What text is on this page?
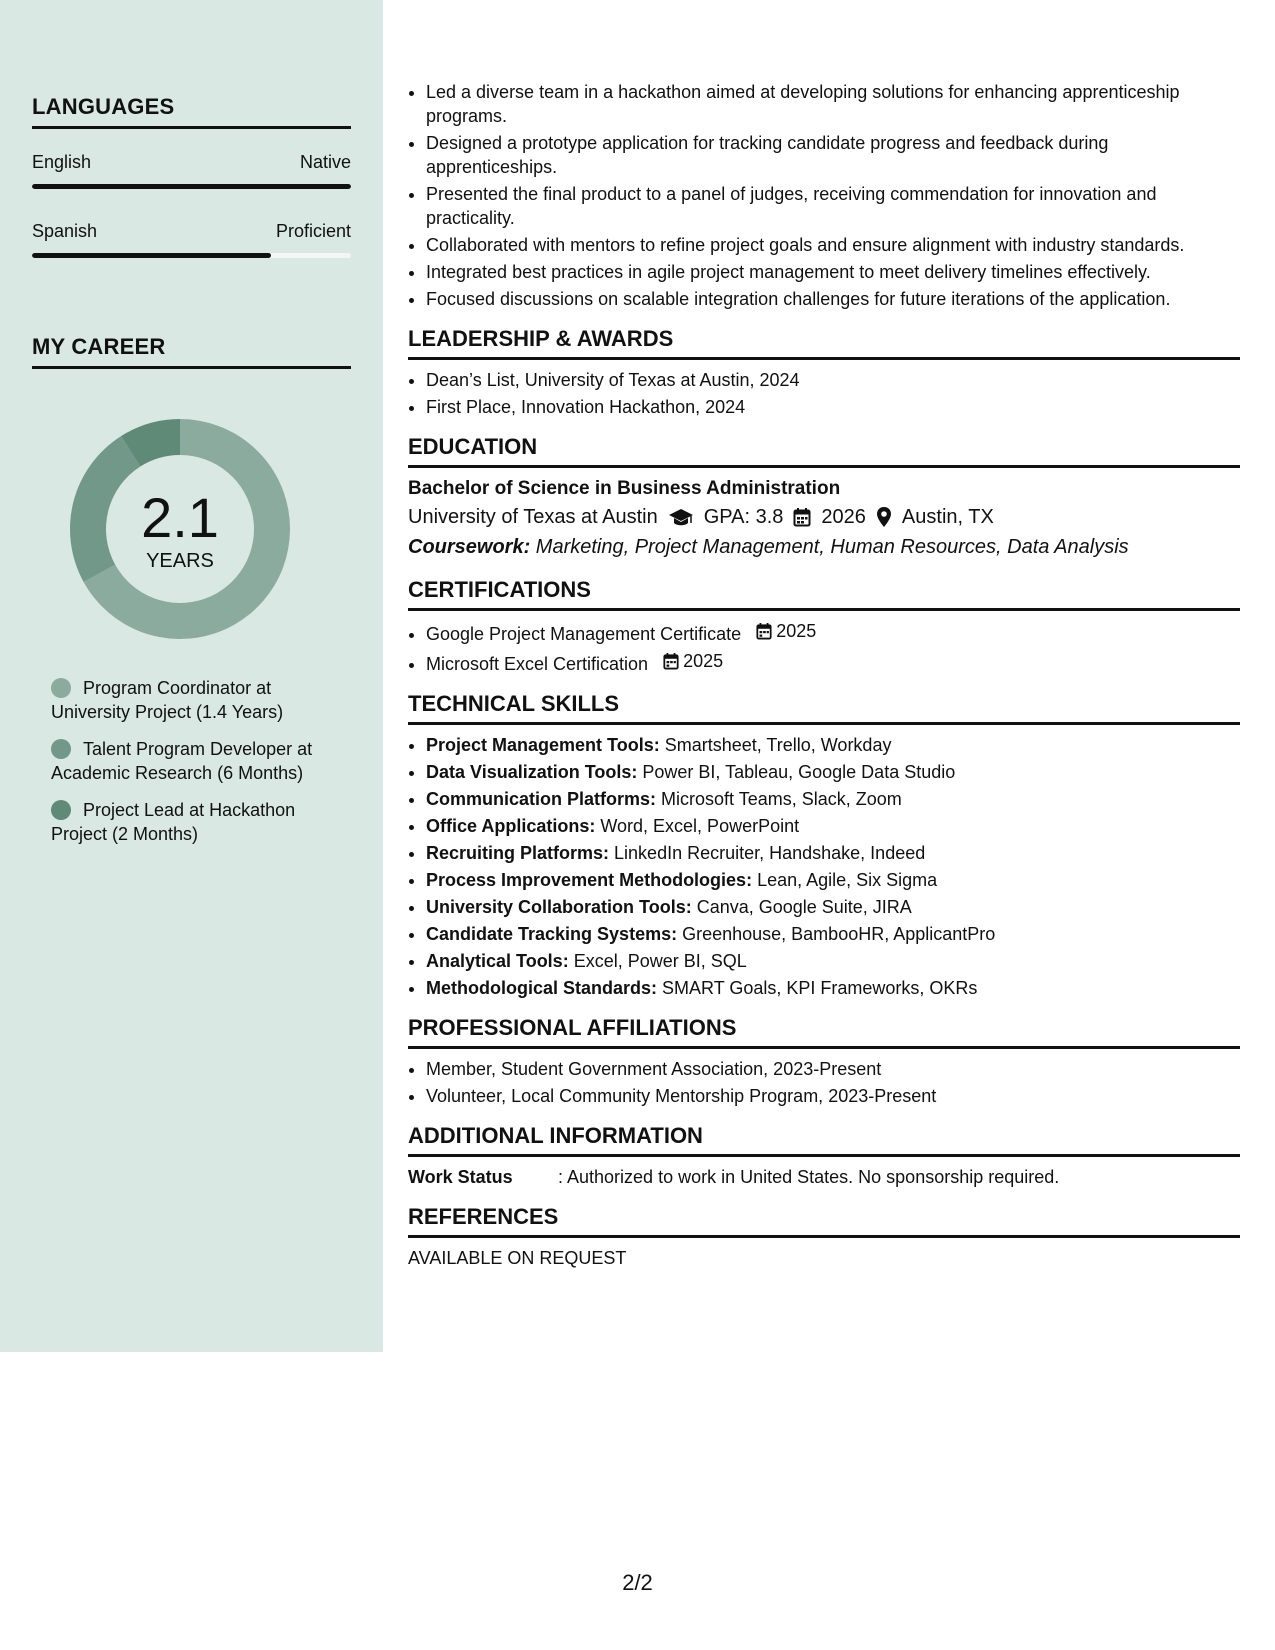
LANGUAGES
English	Native
Spanish	Proficient
MY CAREER
2.1
YEARS
Program Coordinator at University Project (1.4 Years)
Talent Program Developer at Academic Research (6 Months)
Project Lead at Hackathon Project (2 Months)
• Led a diverse team in a hackathon aimed at developing solutions for enhancing apprenticeship programs.
• Designed a prototype application for tracking candidate progress and feedback during apprenticeships.
• Presented the final product to a panel of judges, receiving commendation for innovation and practicality.
• Collaborated with mentors to refine project goals and ensure alignment with industry standards.
• Integrated best practices in agile project management to meet delivery timelines effectively.
• Focused discussions on scalable integration challenges for future iterations of the application.
LEADERSHIP & AWARDS
• Dean’s List, University of Texas at Austin, 2024
• First Place, Innovation Hackathon, 2024
EDUCATION
Bachelor of Science in Business Administration
University of Texas at Austin GPA: 3.8 2026 Austin, TX
Coursework: Marketing, Project Management, Human Resources, Data Analysis
CERTIFICATIONS
• Google Project Management Certificate 2025
• Microsoft Excel Certification 2025
TECHNICAL SKILLS
• Project Management Tools: Smartsheet, Trello, Workday
• Data Visualization Tools: Power BI, Tableau, Google Data Studio
• Communication Platforms: Microsoft Teams, Slack, Zoom
• Office Applications: Word, Excel, PowerPoint
• Recruiting Platforms: LinkedIn Recruiter, Handshake, Indeed
• Process Improvement Methodologies: Lean, Agile, Six Sigma
• University Collaboration Tools: Canva, Google Suite, JIRA
• Candidate Tracking Systems: Greenhouse, BambooHR, ApplicantPro
• Analytical Tools: Excel, Power BI, SQL
• Methodological Standards: SMART Goals, KPI Frameworks, OKRs
PROFESSIONAL AFFILIATIONS
• Member, Student Government Association, 2023-Present
• Volunteer, Local Community Mentorship Program, 2023-Present
ADDITIONAL INFORMATION
Work Status	: Authorized to work in United States. No sponsorship required.
REFERENCES
AVAILABLE ON REQUEST
2/2
